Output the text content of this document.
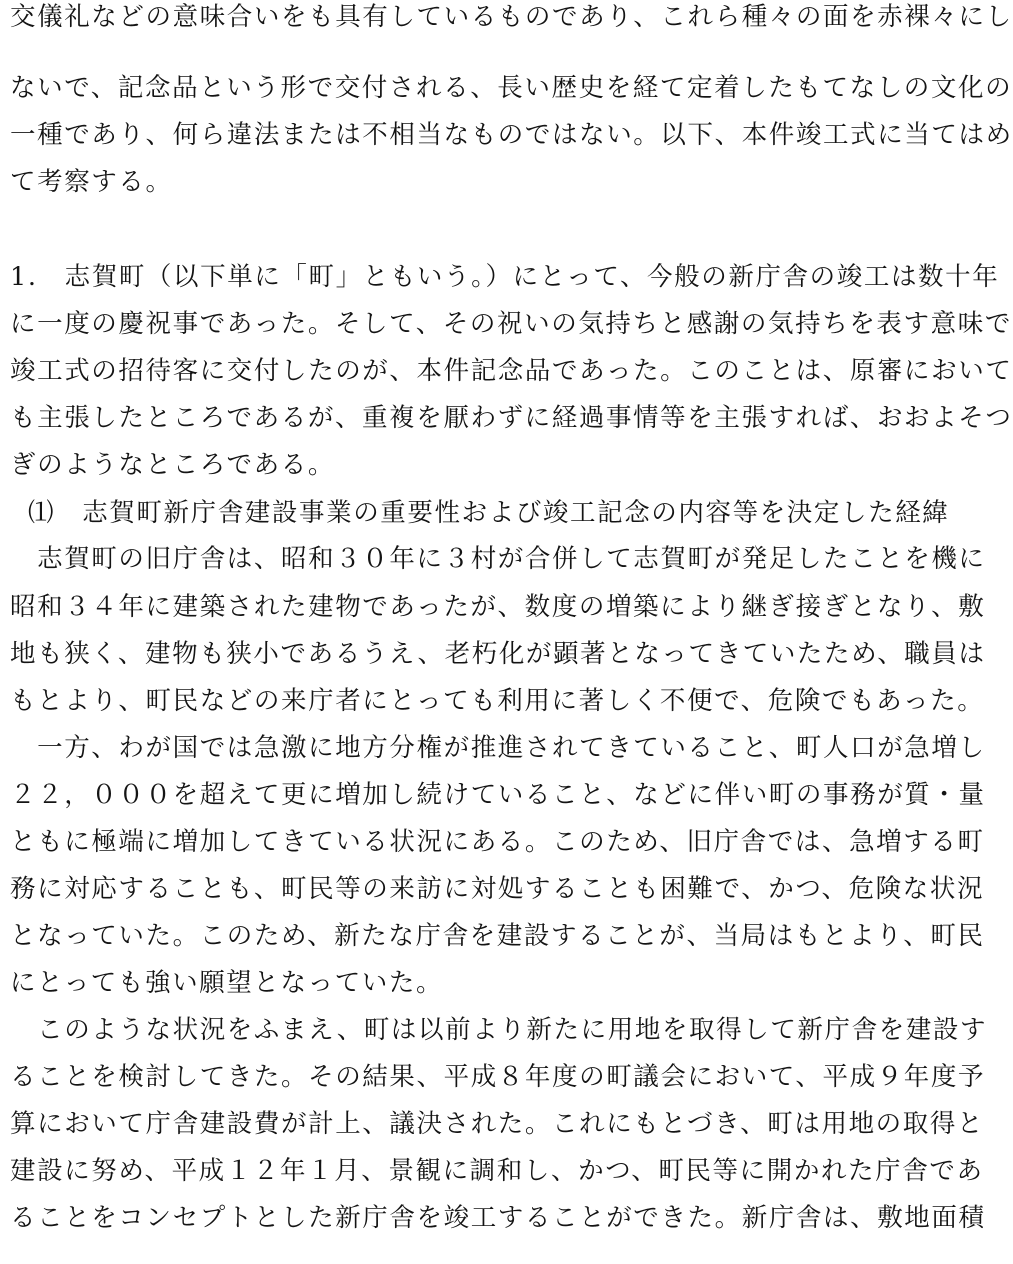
交儀礼などの意味合いをも具有しているものであり、これら種々の面を赤裸々にし
ないで、記念品という形で交付される、長い歴史を経て定着したもてなしの文化の
一種であり、何ら違法または不相当なものではない。以下、本件竣工式に当てはめ
て考察する。
1.　志賀町（以下単に「町」ともいう。）にとって、今般の新庁舎の竣工は数十年
に一度の慶祝事であった。そして、その祝いの気持ちと感謝の気持ちを表す意味で
竣工式の招待客に交付したのが、本件記念品であった。このことは、原審において
も主張したところであるが、重複を厭わずに経過事情等を主張すれば、おおよそつ
ぎのようなところである。
⑴　志賀町新庁舎建設事業の重要性および竣工記念の内容等を決定した経緯
　志賀町の旧庁舎は、昭和３０年に３村が合併して志賀町が発足したことを機に
昭和３４年に建築された建物であったが、数度の増築により継ぎ接ぎとなり、敷
地も狭く、建物も狭小であるうえ、老朽化が顕著となってきていたため、職員は
もとより、町民などの来庁者にとっても利用に著しく不便で、危険でもあった。
　一方、わが国では急激に地方分権が推進されてきていること、町人口が急増し
２２，０００を超えて更に増加し続けていること、などに伴い町の事務が質・量
ともに極端に増加してきている状況にある。このため、旧庁舎では、急増する町
務に対応することも、町民等の来訪に対処することも困難で、かつ、危険な状況
となっていた。このため、新たな庁舎を建設することが、当局はもとより、町民
にとっても強い願望となっていた。
　このような状況をふまえ、町は以前より新たに用地を取得して新庁舎を建設す
ることを検討してきた。その結果、平成８年度の町議会において、平成９年度予
算において庁舎建設費が計上、議決された。これにもとづき、町は用地の取得と
建設に努め、平成１２年１月、景観に調和し、かつ、町民等に開かれた庁舎であ
ることをコンセプトとした新庁舎を竣工することができた。新庁舎は、敷地面積
